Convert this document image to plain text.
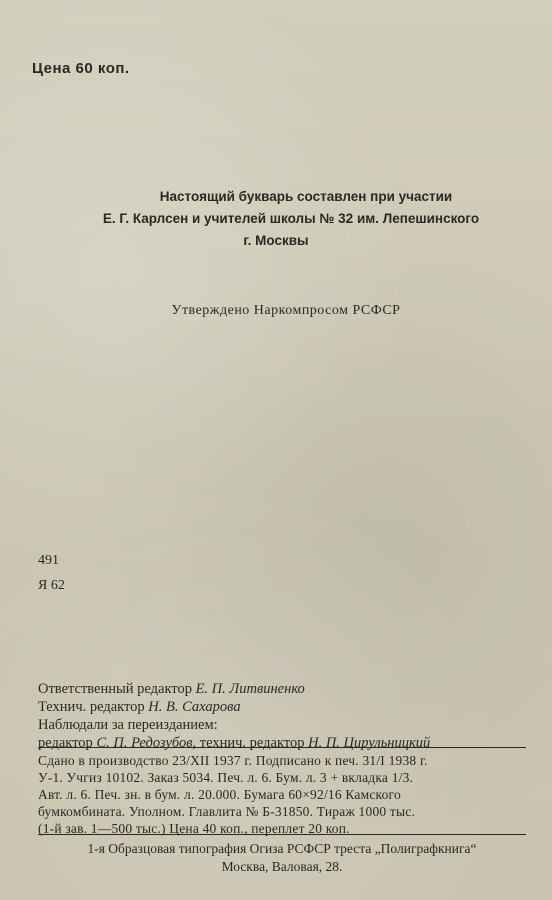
Цена 60 коп.
Настоящий букварь составлен при участии
Е. Г. Карлсен и учителей школы № 32 им. Лепешинского
г. Москвы
Утверждено Наркомпросом РСФСР
491
Я 62
Ответственный редактор Е. П. Литвиненко
Технич. редактор Н. В. Сахарова
Наблюдали за переизданием:
редактор С. П. Редозубов, технич. редактор Н. П. Цирульницкий
Сдано в производство 23/XII 1937 г. Подписано к печ. 31/I 1938 г.
У-1. Учгиз 10102. Заказ 5034. Печ. л. 6. Бум. л. 3 + вкладка 1/3.
Авт. л. 6. Печ. зн. в бум. л. 20.000. Бумага 60×92/16 Камского
бумкомбината. Уполном. Главлита № Б-31850. Тираж 1000 тыс.
(1-й зав. 1—500 тыс.) Цена 40 коп., переплет 20 коп.
1-я Образцовая типография Огиза РСФСР треста „Полиграфкнига“
Москва, Валовая, 28.
